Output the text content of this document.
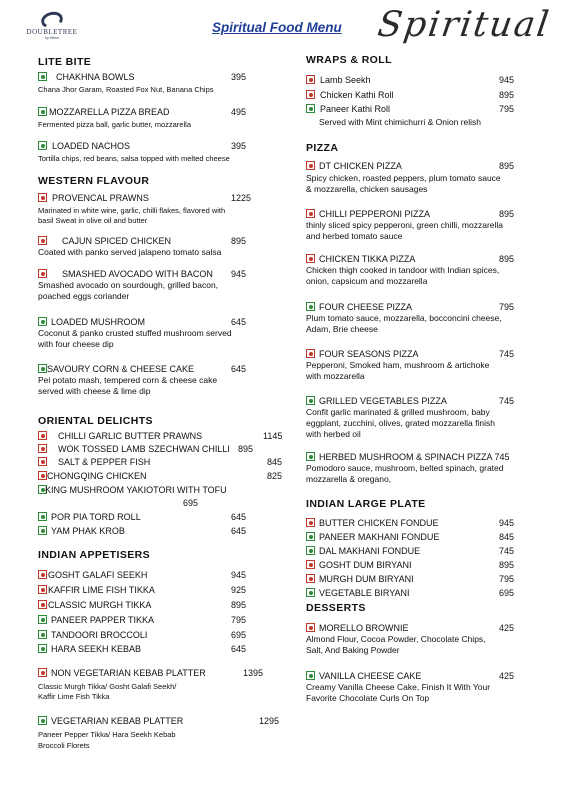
DOUBLETREE
by Hilton
Spiritual Food Menu Spiritual
LITE BITE
WESTERN FLAVOUR
ORIENTAL DELICHTS
INDIAN APPETISERS
WRAPS & ROLL
PIZZA
INDIAN LARGE PLATE
DESSERTS
CHAKHNA BOWLS	395
Chana Jhor Garam, Roasted Fox Nut, Banana Chips
MOZZARELLA PIZZA BREAD	495
Fermented pizza ball, garlic butter, mozzarella
LOADED NACHOS	395
Tortilla chips, red beans, salsa topped with melted cheese
PROVENCAL PRAWNS	1225
Marinated in white wine, garlic, chilli flakes, flavored with
basil Sweat in olive oil and butter
CAJUN SPICED CHICKEN	895
Coated with panko served jalapeno tomato salsa
SMASHED AVOCADO WITH BACON 945
Smashed avocado on sourdough, grilled bacon,
poached eggs coriander
LOADED MUSHROOM	645
Coconut & panko crusted stuffed mushroom served
with four cheese dip
SAVOURY CORN & CHEESE CAKE	645
Pei potato mash, tempered corn & cheese cake
served with cheese & lime dip
CHILLI GARLIC BUTTER PRAWNS	1145
WOK TOSSED LAMB SZECHWAN CHILLI 895
SALT & PEPPER FISH	845
CHONGQING CHICKEN	825
KING MUSHROOM YAKIOTORI WITH TOFU
695
POR PIA TORD ROLL	645
YAM PHAK KROB	645
GOSHT GALAFI SEEKH	945
KAFFIR LIME FISH TIKKA	925
CLASSIC MURGH TIKKA	895
PANEER PAPPER TIKKA	795
TANDOORI BROCCOLI	695
HARA SEEKH KEBAB	645
NON VEGETARIAN KEBAB PLATTER	1395
Classic Murgh Tikka/ Gosht Galafi Seekh/
Kaffir Lime Fish Tikka
VEGETARIAN KEBAB PLATTER	1295
Paneer Pepper Tikka/ Hara Seekh Kebab
Broccoli Florets
Lamb Seekh	945
Chicken Kathi Roll	895
Paneer Kathi Roll	795
Served with Mint chimichurri & Onion relish
DT CHICKEN PIZZA	895
Spicy chicken, roasted peppers, plum tomato sauce
& mozzarella, chicken sausages
CHILLI PEPPERONI PIZZA	895
thinly sliced spicy pepperoni, green chilli, mozzarella
and herbed tomato sauce
CHICKEN TIKKA PIZZA	895
Chicken thigh cooked in tandoor with Indian spices,
onion, capsicum and mozzarella
FOUR CHEESE PIZZA	795
Plum tomato sauce, mozzarella, bocconcini cheese,
Adam, Brie cheese
FOUR SEASONS PIZZA	745
Pepperoni, Smoked ham, mushroom & artichoke
with mozzarella
GRILLED VEGETABLES PIZZA	745
Confit garlic marinated & grilled mushroom, baby
eggplant, zucchini, olives, grated mozzarella finish
with herbed oil
HERBED MUSHROOM & SPINACH PIZZA 745
Pomodoro sauce, mushroom, belted spinach, grated
mozzarella & oregano,
BUTTER CHICKEN FONDUE	945
PANEER MAKHANI FONDUE	845
DAL MAKHANI FONDUE	745
GOSHT DUM BIRYANI	895
MURGH DUM BIRYANI	795
VEGETABLE BIRYANI	695
MORELLO BROWNIE	425
Almond Flour, Cocoa Powder, Chocolate Chips,
Salt, And Baking Powder
VANILLA CHEESE CAKE	425
Creamy Vanilla Cheese Cake, Finish It With Your
Favorite Chocolate Curls On Top
